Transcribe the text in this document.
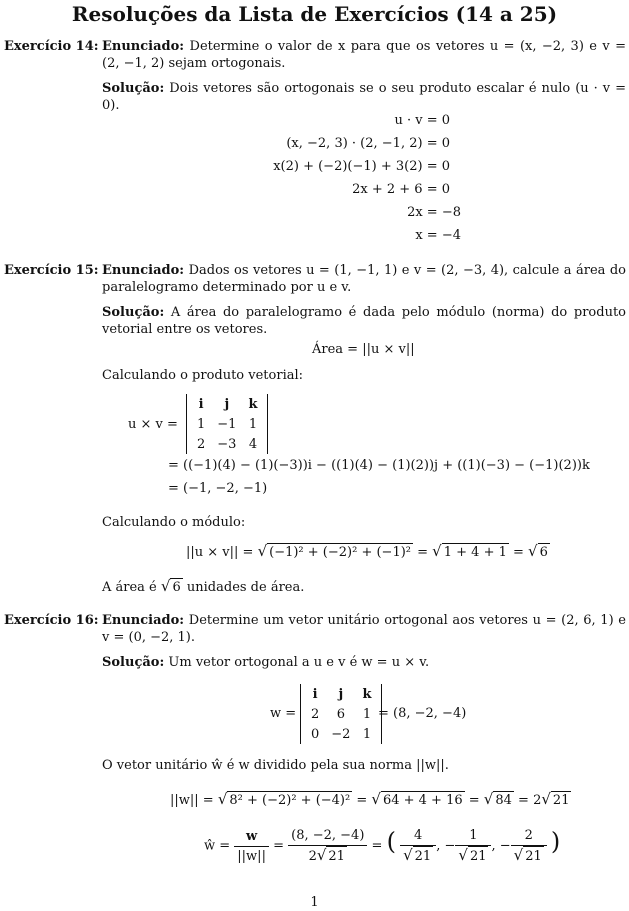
Resoluções da Lista de Exercícios (14 a 25)
Exercício 14: Enunciado: Determine o valor de x para que os vetores u = (x, −2, 3) e v = (2, −1, 2) sejam ortogonais.
Solução: Dois vetores são ortogonais se o seu produto escalar é nulo (u · v = 0).
u · v = 0
(x, −2, 3) · (2, −1, 2) = 0
x(2) + (−2)(−1) + 3(2) = 0
2x + 2 + 6 = 0
2x = −8
x = −4
Exercício 15: Enunciado: Dados os vetores u = (1, −1, 1) e v = (2, −3, 4), calcule a área do paralelogramo determinado por u e v.
Solução: A área do paralelogramo é dada pelo módulo (norma) do produto vetorial entre os vetores.
Área = ||u × v||
Calculando o produto vetorial:
u × v =
i	j	k
1	−1	1
2	−3	4
= ((−1)(4) − (1)(−3))i − ((1)(4) − (1)(2))j + ((1)(−3) − (−1)(2))k
= (−1, −2, −1)
Calculando o módulo:
||u × v|| = √ (−1)² + (−2)² + (−1)² = √ 1 + 4 + 1 = √ 6
A área é √ 6 unidades de área.
Exercício 16: Enunciado: Determine um vetor unitário ortogonal aos vetores u = (2, 6, 1) e v = (0, −2, 1).
Solução: Um vetor ortogonal a u e v é w = u × v.
w =
i	j	k
2	6	1
0	−2	1
= (8, −2, −4)
O vetor unitário ŵ é w dividido pela sua norma ||w||.
||w|| = √ 8² + (−2)² + (−4)² = √ 64 + 4 + 16 = √ 84 = 2√ 21
ŵ = $\frac{w}{||w||} = \frac{(8, -2, -4)}{2√ 21}$ = ( $\frac{4}{√ 21}$ , − $\frac{1}{√ 21}$ , − $\frac{2}{√ 21}$ )
1
